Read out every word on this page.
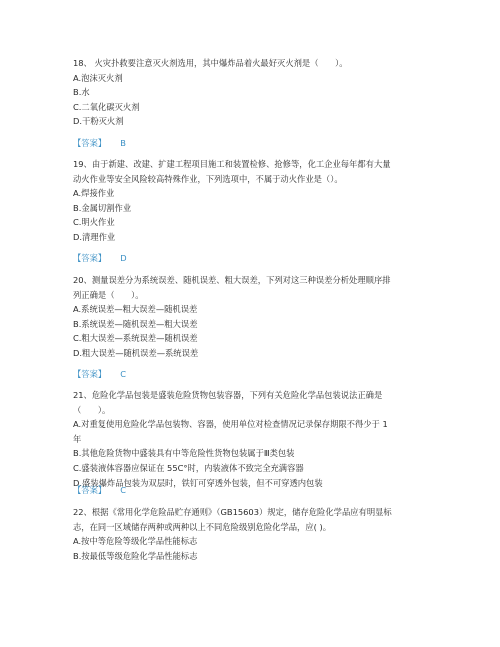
18、 火灾扑救要注意灭火剂选用，其中爆炸品着火最好灭火剂是（　　）。

A.泡沫灭火剂

B.水

C.二氧化碳灭火剂

D.干粉灭火剂

【答案】 B

19、由于新建、改建、扩建工程项目施工和装置检修、抢修等，化工企业每年都有大量动火作业等安全风险较高特殊作业，下列选项中，不属于动火作业是（）。

A.焊接作业

B.金属切割作业

C.明火作业

D.清理作业

【答案】 D

20、测量误差分为系统误差、随机误差、粗大误差，下列对这三种误差分析处理顺序排列正确是（　　）。

A.系统误差—粗大误差—随机误差

B.系统误差—随机误差—粗大误差

C.粗大误差—系统误差—随机误差

D.粗大误差—随机误差—系统误差

【答案】 C

21、危险化学品包装是盛装危险货物包装容器，下列有关危险化学品包装说法正确是（　　）。

A.对重复使用危险化学品包装物、容器，使用单位对检查情况记录保存期限不得少于 1 年

B.其他危险货物中盛装具有中等危险性货物包装属于Ⅲ类包装

C.盛装液体容器应保证在 55C°时，内装液体不致完全充满容器

D.盛装爆炸品包装为双层时，铁钉可穿透外包装，但不可穿透内包装

【答案】 C

22、根据《常用化学危险品贮存通则》（GB15603）规定，储存危险化学品应有明显标志，在同一区域储存两种或两种以上不同危险级别危险化学品，应( )。

A.按中等危险等级化学品性能标志

B.按最低等级危险化学品性能标志
